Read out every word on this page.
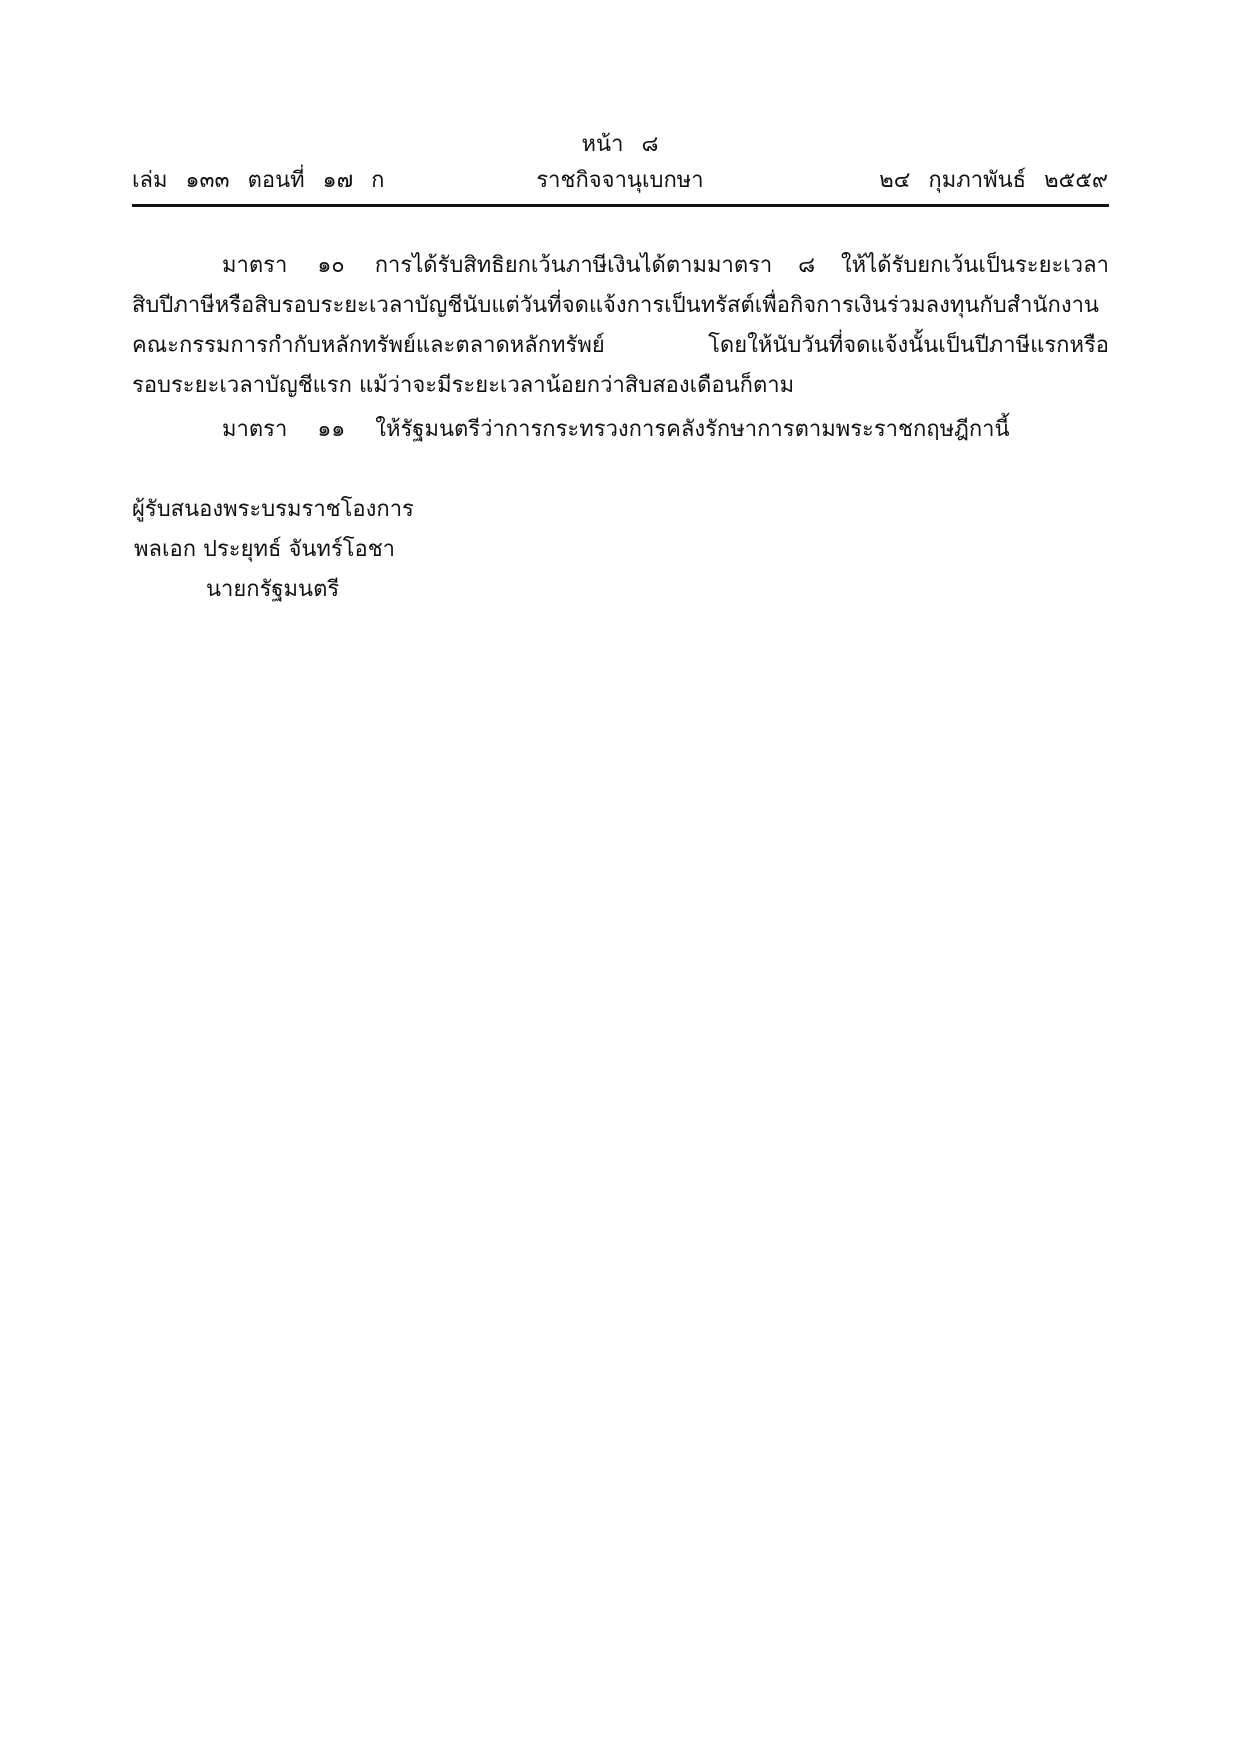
หน้า ๘
เล่ม ๑๓๓ ตอนที่ ๑๗ ก	ราชกิจจานุเบกษา	๒๔ กุมภาพันธ์ ๒๕๕๙
มาตรา ๑๐ การได้รับสิทธิยกเว้นภาษีเงินได้ตามมาตรา ๘ ให้ได้รับยกเว้นเป็นระยะเวลา
สิบปีภาษีหรือสิบรอบระยะเวลาบัญชีนับแต่วันที่จดแจ้งการเป็นทรัสต์เพื่อกิจการเงินร่วมลงทุนกับสำนักงาน
คณะกรรมการกำกับหลักทรัพย์และตลาดหลักทรัพย์ โดยให้นับวันที่จดแจ้งนั้นเป็นปีภาษีแรกหรือ
รอบระยะเวลาบัญชีแรก แม้ว่าจะมีระยะเวลาน้อยกว่าสิบสองเดือนก็ตาม
มาตรา ๑๑ ให้รัฐมนตรีว่าการกระทรวงการคลังรักษาการตามพระราชกฤษฎีกานี้
ผู้รับสนองพระบรมราชโองการ
พลเอก ประยุทธ์ จันทร์โอชา
นายกรัฐมนตรี
